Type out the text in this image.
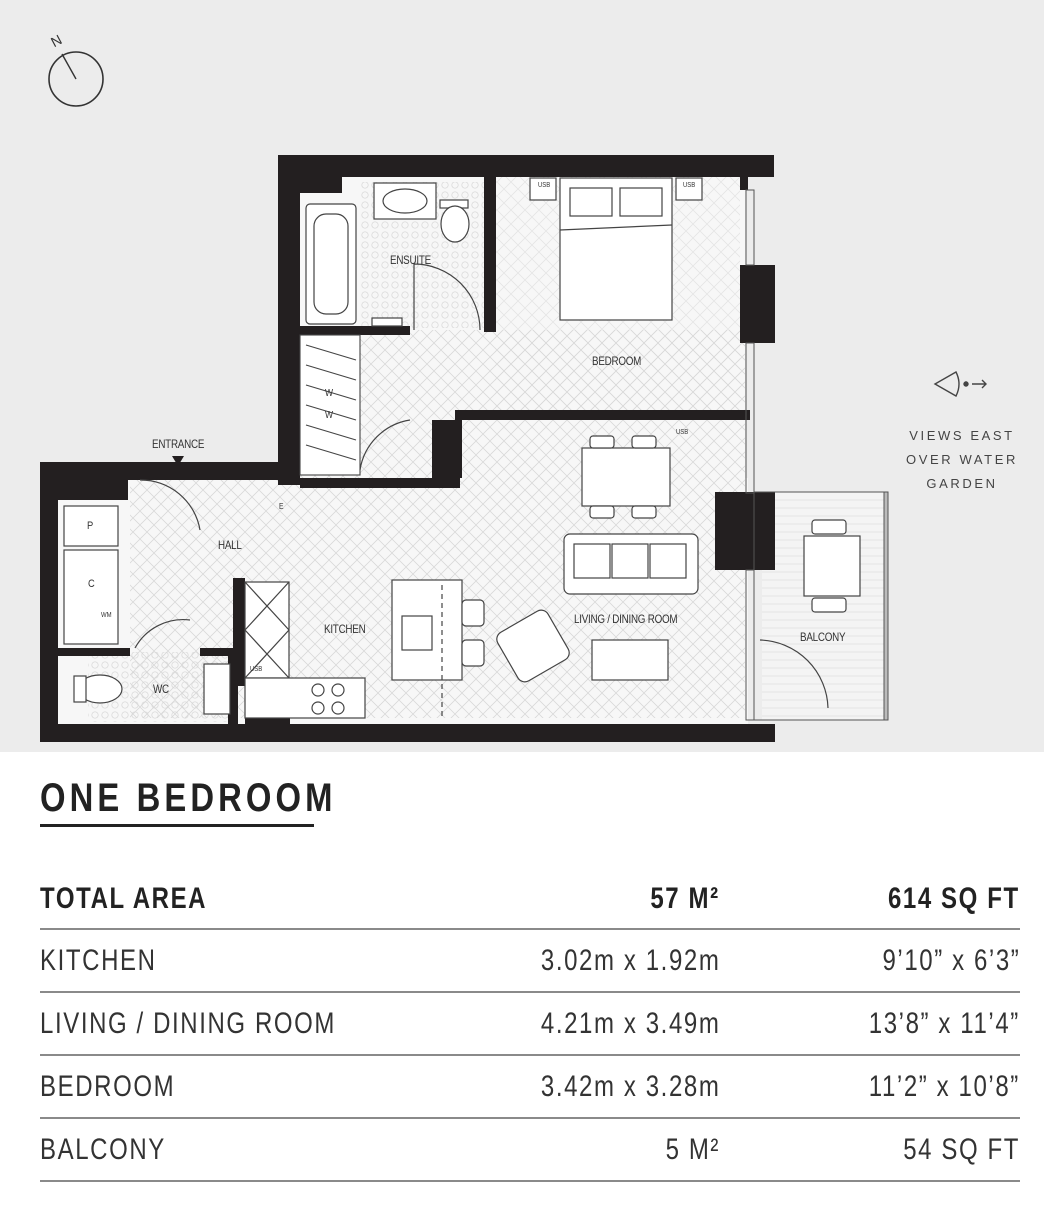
ENSUITE
BEDROOM
ENTRANCE
HALL
KITCHEN
LIVING / DINING ROOM
BALCONY
WC
N
P
C
WM
W
W
E
USB	USB
USB
USB
VIEWS EAST
OVER WATER
GARDEN
ONE BEDROOM
TOTAL AREA	57 M²	614 SQ FT
KITCHEN	3.02m x 1.92m	9’10” x 6’3”
LIVING / DINING ROOM	4.21m x 3.49m	13’8” x 11’4”
BEDROOM	3.42m x 3.28m	11’2” x 10’8”
BALCONY	5 M²	54 SQ FT
